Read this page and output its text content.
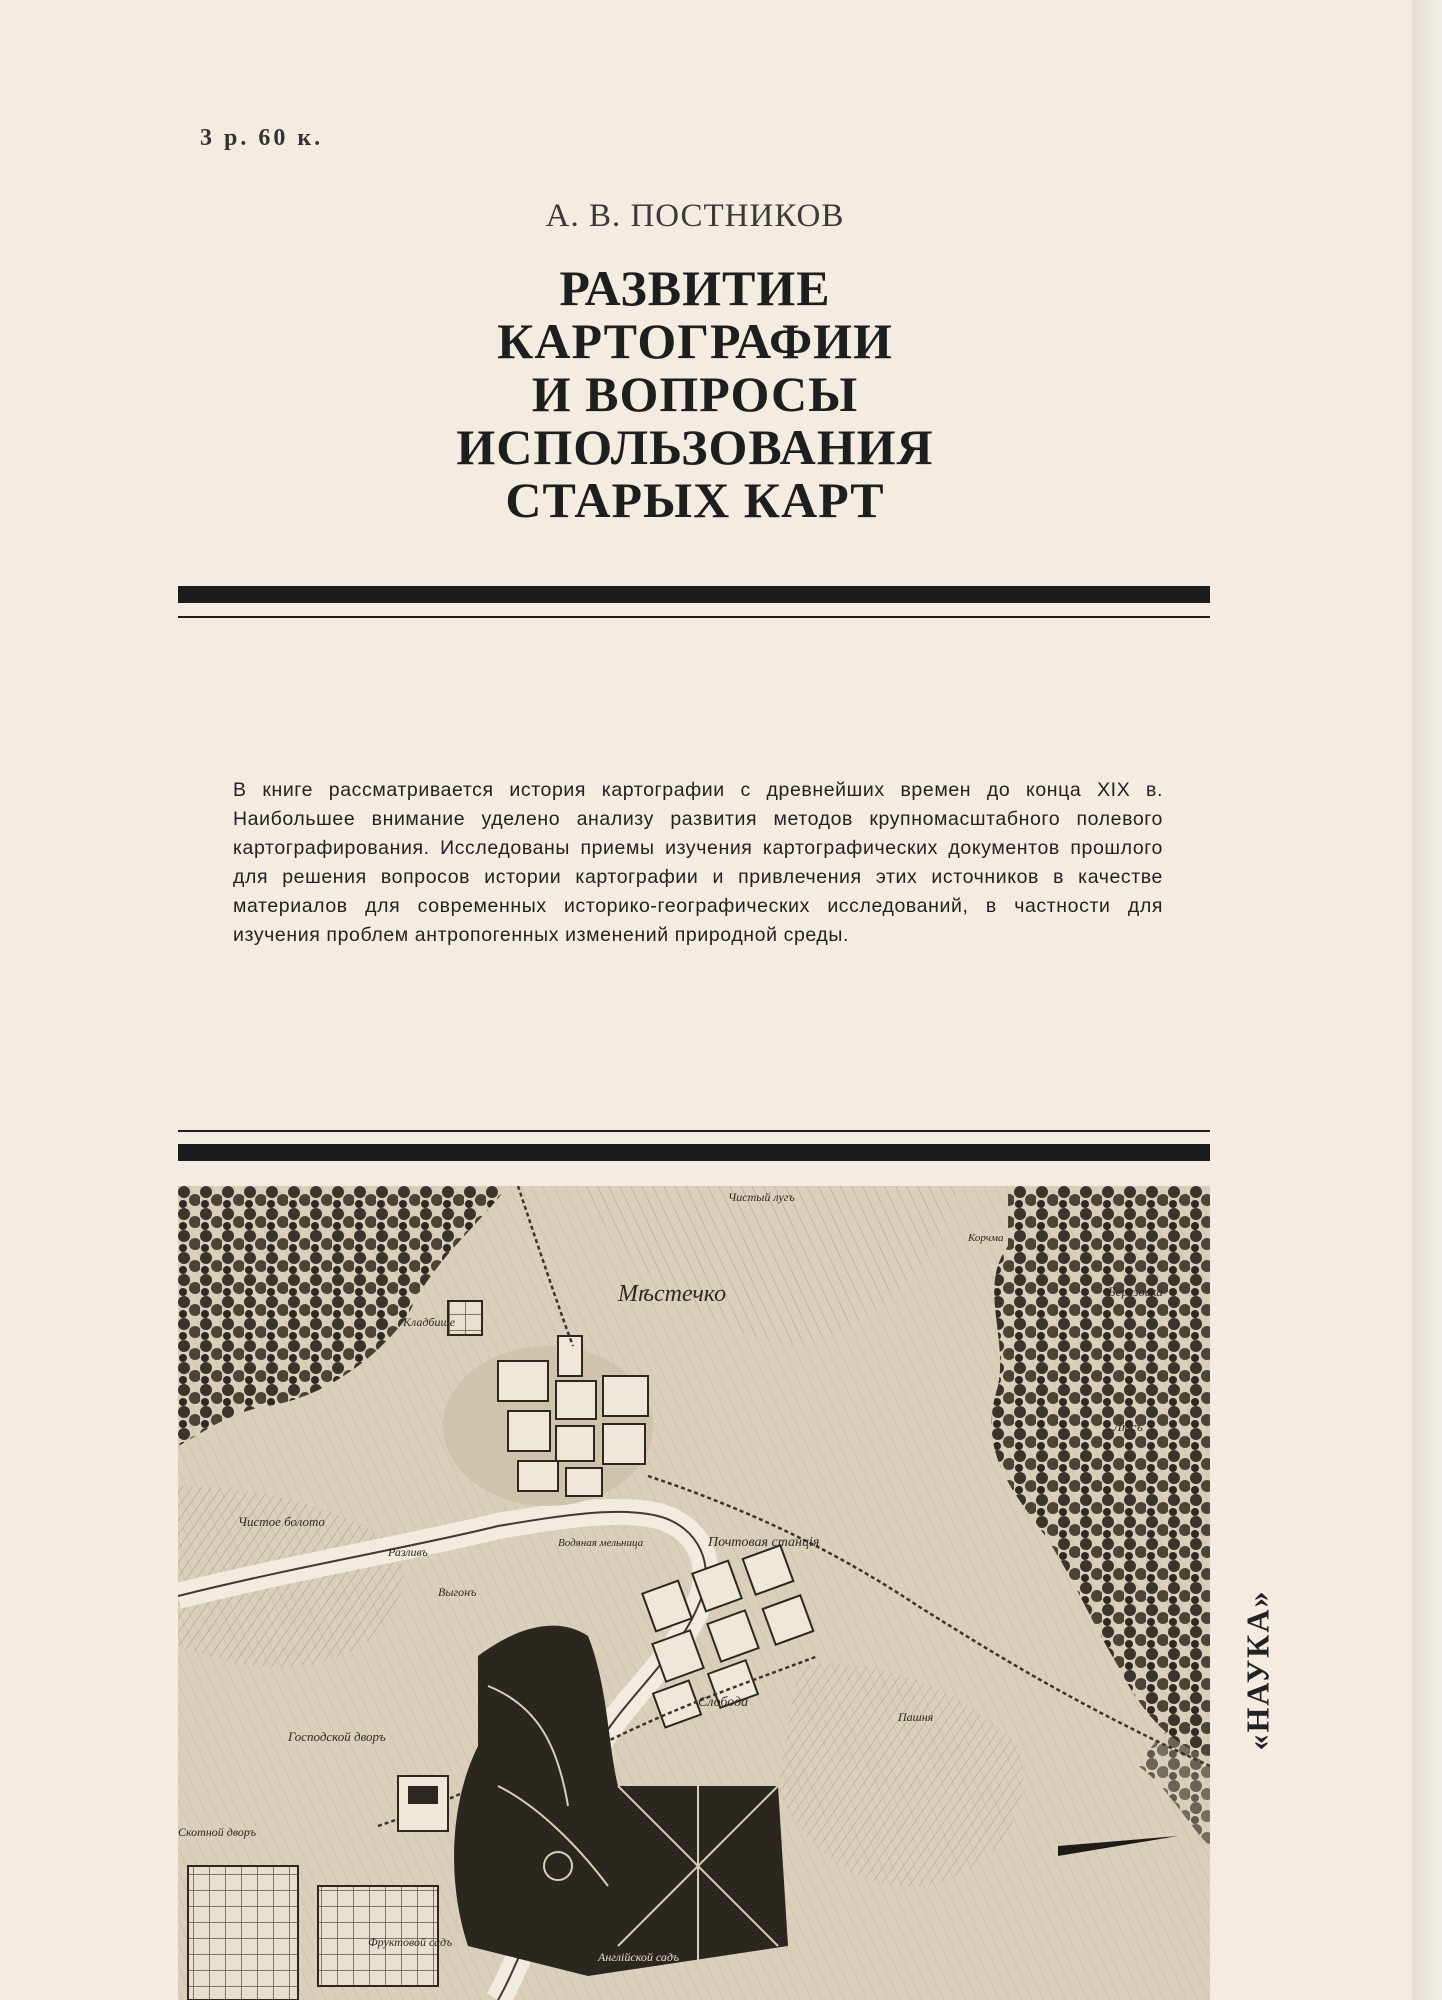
3 р. 60 к.
А. В. ПОСТНИКОВ
РАЗВИТИЕ
КАРТОГРАФИИ
И ВОПРОСЫ
ИСПОЛЬЗОВАНИЯ
СТАРЫХ КАРТ
В книге рассматривается история картографии с древнейших времен до конца XIX в. Наибольшее внимание уделено анализу развития методов крупномасштабного полевого картографирования. Исследованы приемы изучения картографических документов прошлого для решения вопросов истории картографии и привлечения этих источников в качестве материалов для современных историко-географических исследований, в частности для изучения проблем антропогенных изменений природной среды.
Мѣстечко
Почтовая станція
Слобода
Господской дворъ
Англійской садъ
Фруктовой садъ
Кладбище
Чистое болото
Скотной дворъ
Березовка
Водяная мельница
Лѣсъ
Пашня
Выгонъ
Разливъ
Чистый лугъ
Корчма
«НАУКА»
